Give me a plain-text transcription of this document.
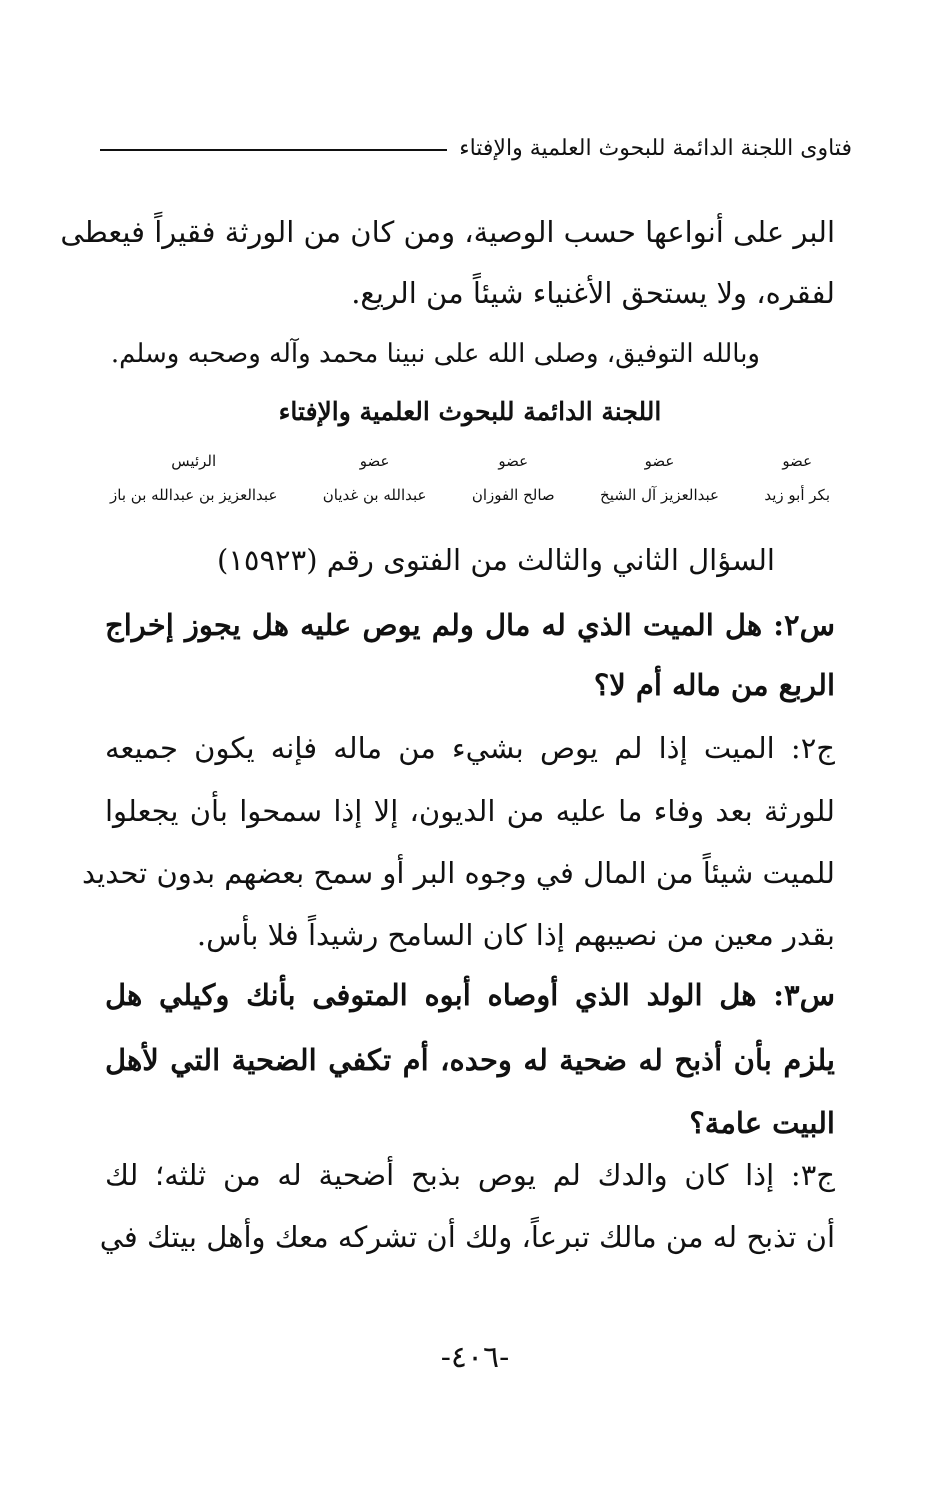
فتاوى اللجنة الدائمة للبحوث العلمية والإفتاء
البر على أنواعها حسب الوصية، ومن كان من الورثة فقيراً فيعطى
لفقره، ولا يستحق الأغنياء شيئاً من الريع.
وبالله التوفيق، وصلى الله على نبينا محمد وآله وصحبه وسلم.
اللجنة الدائمة للبحوث العلمية والإفتاء
عضو
بكر أبو زيد
عضو
عبدالعزيز آل الشيخ
عضو
صالح الفوزان
عضو
عبدالله بن غديان
الرئيس
عبدالعزيز بن عبدالله بن باز
السؤال الثاني والثالث من الفتوى رقم (١٥٩٢٣)
س٢: هل الميت الذي له مال ولم يوص عليه هل يجوز إخراج
الربع من ماله أم لا؟
ج٢: الميت إذا لم يوص بشيء من ماله فإنه يكون جميعه
للورثة بعد وفاء ما عليه من الديون، إلا إذا سمحوا بأن يجعلوا
للميت شيئاً من المال في وجوه البر أو سمح بعضهم بدون تحديد
بقدر معين من نصيبهم إذا كان السامح رشيداً فلا بأس.
س٣: هل الولد الذي أوصاه أبوه المتوفى بأنك وكيلي هل
يلزم بأن أذبح له ضحية له وحده، أم تكفي الضحية التي لأهل
البيت عامة؟
ج٣: إذا كان والدك لم يوص بذبح أضحية له من ثلثه؛ لك
أن تذبح له من مالك تبرعاً، ولك أن تشركه معك وأهل بيتك في
-٤٠٦-
